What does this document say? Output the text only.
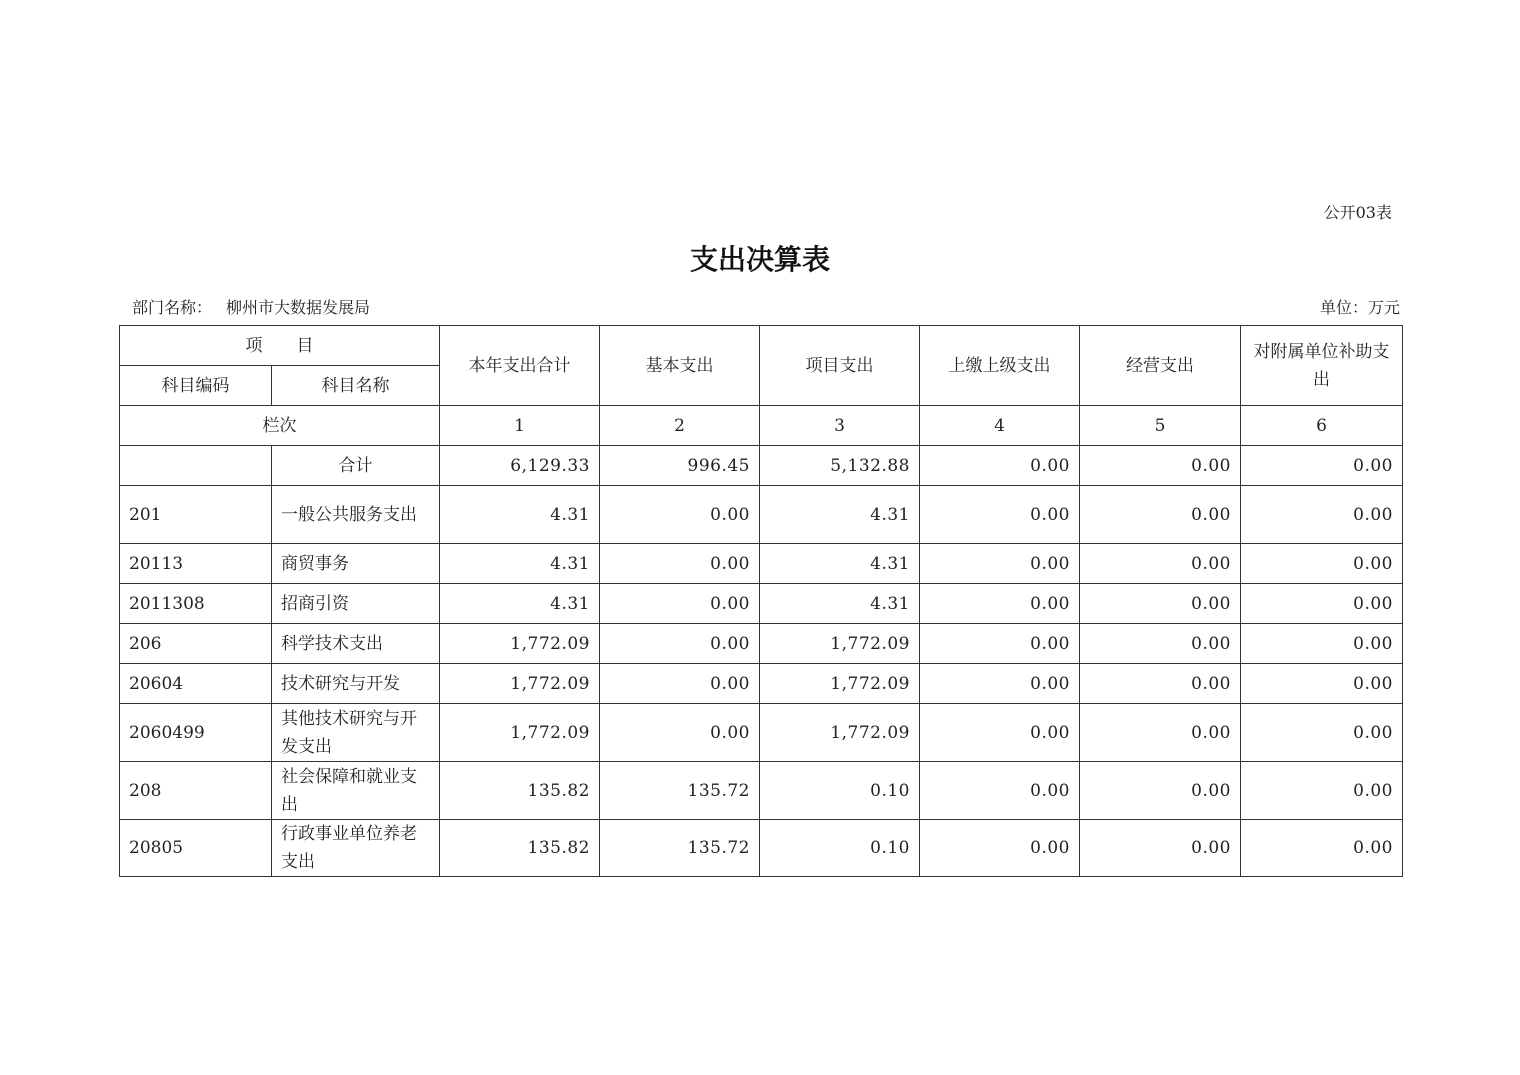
公开03表
支出决算表
部门名称： 柳州市大数据发展局	单位：万元
项　　目		本年支出合计	基本支出	项目支出	上缴上级支出	经营支出	对附属单位补助支出
科目编码	科目名称						
栏次		1	2	3	4	5	6
	合计	6,129.33	996.45	5,132.88	0.00	0.00	0.00
201	一般公共服务支出	4.31	0.00	4.31	0.00	0.00	0.00
20113	商贸事务	4.31	0.00	4.31	0.00	0.00	0.00
2011308	招商引资	4.31	0.00	4.31	0.00	0.00	0.00
206	科学技术支出	1,772.09	0.00	1,772.09	0.00	0.00	0.00
20604	技术研究与开发	1,772.09	0.00	1,772.09	0.00	0.00	0.00
2060499	其他技术研究与开发支出	1,772.09	0.00	1,772.09	0.00	0.00	0.00
208	社会保障和就业支出	135.82	135.72	0.10	0.00	0.00	0.00
20805	行政事业单位养老支出	135.82	135.72	0.10	0.00	0.00	0.00
